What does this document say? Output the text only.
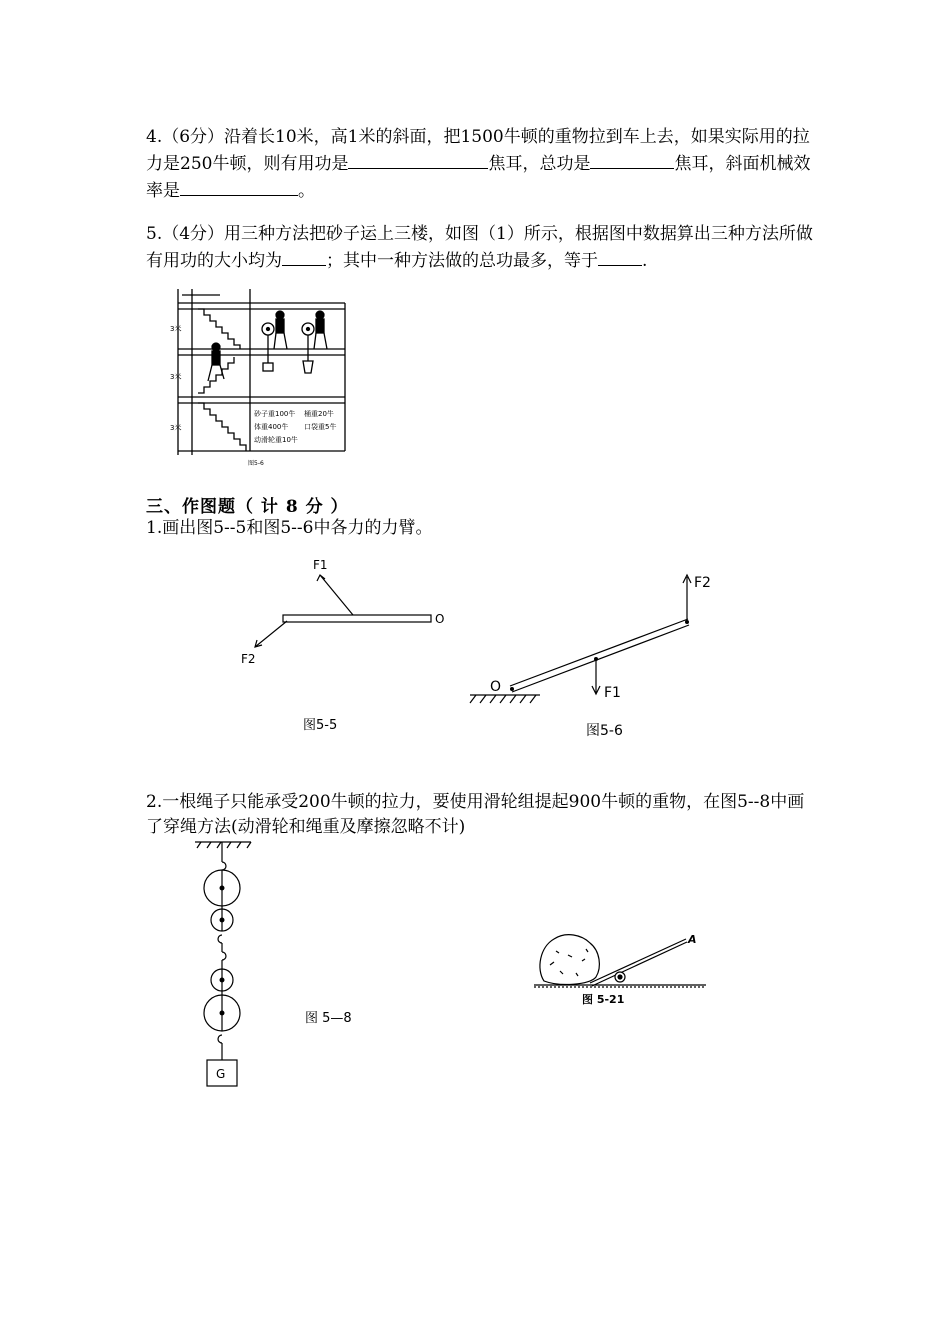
4.（6分）沿着长10米，高1米的斜面，把1500牛顿的重物拉到车上去，如果实际用的拉力是250牛顿，则有用功是	焦耳，总功是	焦耳，斜面机械效率是	。
5.（4分）用三种方法把砂子运上三楼，如图（1）所示，根据图中数据算出三种方法所做有用功的大小均为	；其中一种方法做的总功最多，等于	.
3米
3米
3米
砂子重100牛 桶重20牛
体重400牛 口袋重5牛
动滑轮重10牛
图5-6
三、作图题（ 计 8 分 ）
1.画出图5--5和图5--6中各力的力臂。
F1
F2
O
图5-5
F2
F1
O
图5-6
2.一根绳子只能承受200牛顿的拉力，要使用滑轮组提起900牛顿的重物，在图5--8中画了穿绳方法(动滑轮和绳重及摩擦忽略不计)
G
图 5—8
A
图 5-21
